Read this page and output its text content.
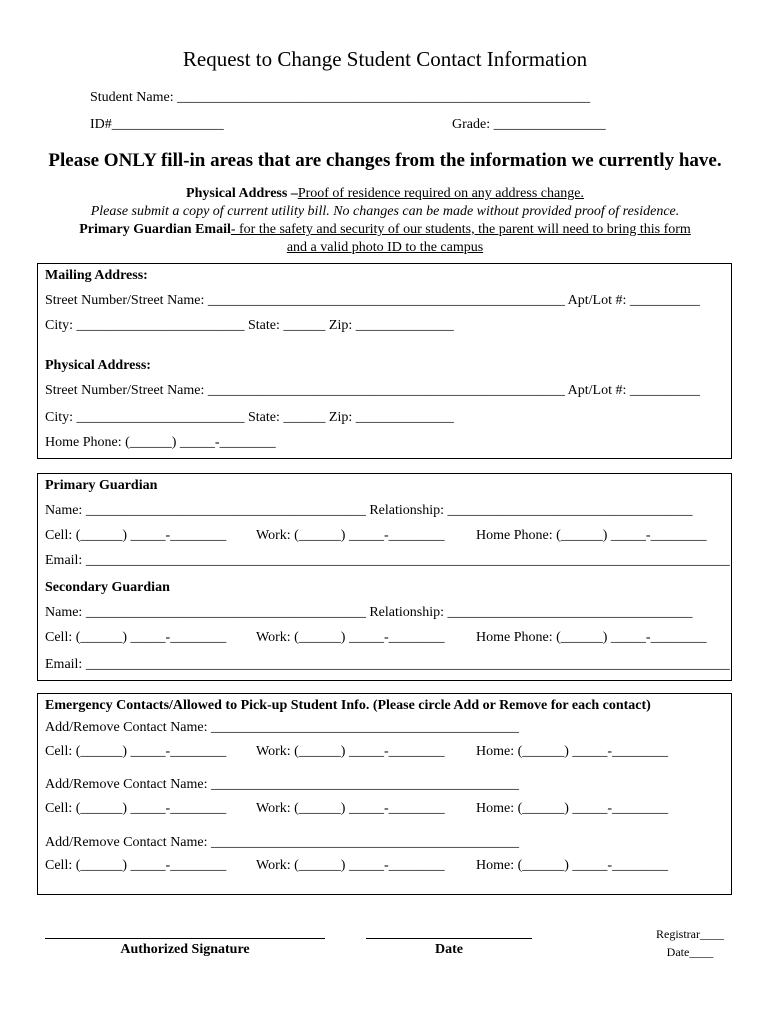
Request to Change Student Contact Information
Student Name: ___________________________________________________________
ID#________________	Grade: ________________
Please ONLY fill-in areas that are changes from the information we currently have.
Physical Address –Proof of residence required on any address change.
Please submit a copy of current utility bill. No changes can be made without provided proof of residence.
Primary Guardian Email- for the safety and security of our students, the parent will need to bring this form
and a valid photo ID to the campus
Mailing Address:
Street Number/Street Name: ___________________________________________________ Apt/Lot #: __________
City: ________________________ State: ______ Zip: ______________
Physical Address:
Street Number/Street Name: ___________________________________________________ Apt/Lot #: __________
City: ________________________ State: ______ Zip: ______________
Home Phone: (______) _____-________
Primary Guardian
Name: ________________________________________ Relationship: ___________________________________
Cell: (______) _____-________ Work: (______) _____-________ Home Phone: (______) _____-________
Email: ____________________________________________________________________________________________
Secondary Guardian
Name: ________________________________________ Relationship: ___________________________________
Cell: (______) _____-________ Work: (______) _____-________ Home Phone: (______) _____-________
Email: ____________________________________________________________________________________________
Emergency Contacts/Allowed to Pick-up Student Info. (Please circle Add or Remove for each contact)
Add/Remove Contact Name: ____________________________________________
Cell: (______) _____-________ Work: (______) _____-________ Home: (______) _____-________
Add/Remove Contact Name: ____________________________________________
Cell: (______) _____-________ Work: (______) _____-________ Home: (______) _____-________
Add/Remove Contact Name: ____________________________________________
Cell: (______) _____-________ Work: (______) _____-________ Home: (______) _____-________
Authorized Signature	Date
Registrar____
Date____
